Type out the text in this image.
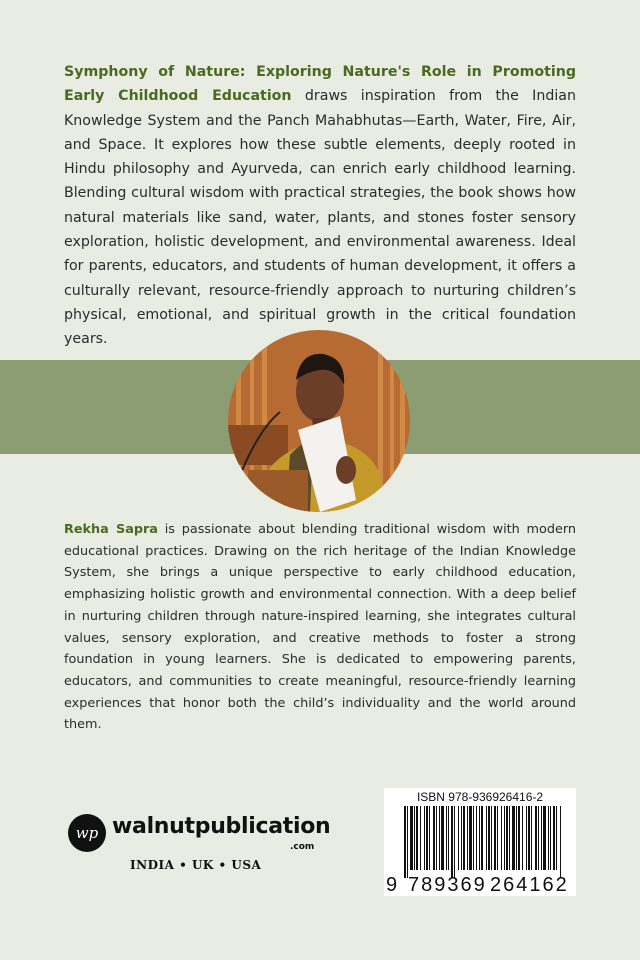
Symphony of Nature: Exploring Nature's Role in Promoting Early Childhood Education draws inspiration from the Indian Knowledge System and the Panch Mahabhutas—Earth, Water, Fire, Air, and Space. It explores how these subtle elements, deeply rooted in Hindu philosophy and Ayurveda, can enrich early childhood learning. Blending cultural wisdom with practical strategies, the book shows how natural materials like sand, water, plants, and stones foster sensory exploration, holistic development, and environmental awareness. Ideal for parents, educators, and students of human development, it offers a culturally relevant, resource-friendly approach to nurturing children’s physical, emotional, and spiritual growth in the critical foundation years.

Rekha Sapra is passionate about blending traditional wisdom with modern educational practices. Drawing on the rich heritage of the Indian Knowledge System, she brings a unique perspective to early childhood education, emphasizing holistic growth and environmental connection. With a deep belief in nurturing children through nature-inspired learning, she integrates cultural values, sensory exploration, and creative methods to foster a strong foundation in young learners. She is dedicated to empowering parents, educators, and communities to create meaningful, resource-friendly learning experiences that honor both the child’s individuality and the world around them.

wp walnutpublication
.com
INDIA • UK • USA
ISBN 978-936926416-2
9 789369 264162
